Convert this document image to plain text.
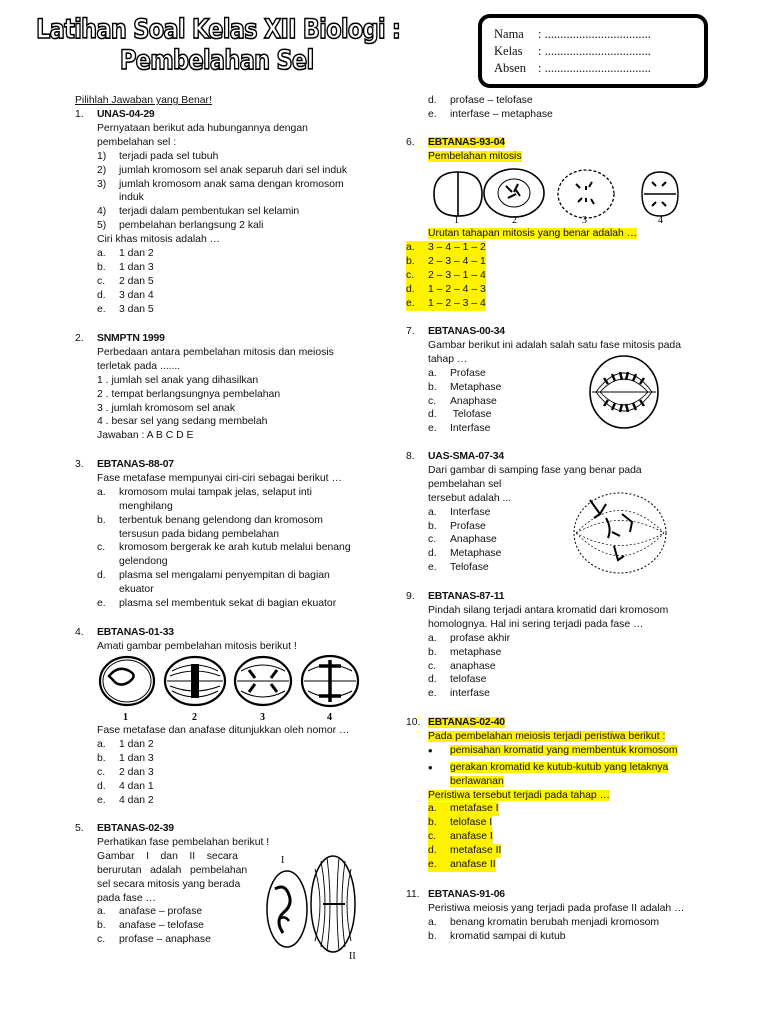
Latihan Soal Kelas XII Biologi :
Pembelahan Sel
Nama : ..................................
Kelas : ..................................
Absen : ..................................
Pilihlah Jawaban yang Benar!
1. UNAS-04-29
Pernyataan berikut ada hubungannya dengan
pembelahan sel :
1) terjadi pada sel tubuh
2) jumlah kromosom sel anak separuh dari sel induk
3) jumlah kromosom anak sama dengan kromosom
induk
4) terjadi dalam pembentukan sel kelamin
5) pembelahan berlangsung 2 kali
Ciri khas mitosis adalah …
a. 1 dan 2
b. 1 dan 3
c. 2 dan 5
d. 3 dan 4
e. 3 dan 5
2. SNMPTN 1999
Perbedaan antara pembelahan mitosis dan meiosis
terletak pada .......
1 . jumlah sel anak yang dihasilkan
2 . tempat berlangsungnya pembelahan
3 . jumlah kromosom sel anak
4 . besar sel yang sedang membelah
Jawaban : A B C D E
3. EBTANAS-88-07
Fase metafase mempunyai ciri-ciri sebagai berikut …
a. kromosom mulai tampak jelas, selaput inti
menghilang
b. terbentuk benang gelendong dan kromosom
tersusun pada bidang pembelahan
c. kromosom bergerak ke arah kutub melalui benang
gelendong
d. plasma sel mengalami penyempitan di bagian
ekuator
e. plasma sel membentuk sekat di bagian ekuator
4. EBTANAS-01-33
Amati gambar pembelahan mitosis berikut !
1	2	3	4
Fase metafase dan anafase ditunjukkan oleh nomor …
a. 1 dan 2
b. 1 dan 3
c. 2 dan 3
d. 4 dan 1
e. 4 dan 2
5. EBTANAS-02-39
Perhatikan fase pembelahan berikut !
Gambar    I    dan    II    secara
berurutan   adalah   pembelahan
sel secara mitosis yang berada
pada fase …
a. anafase – profase
b. anafase – telofase
c. profase – anaphase
I
II
d. profase – telofase
e. interfase – metaphase
6. EBTANAS-93-04
Pembelahan mitosis
1	2	3	4
Urutan tahapan mitosis yang benar adalah …
a. 3 – 4 – 1 – 2
b. 2 – 3 – 4 – 1
c. 2 – 3 – 1 – 4
d. 1 – 2 – 4 – 3
e. 1 – 2 – 3 – 4
7. EBTANAS-00-34
Gambar berikut ini adalah salah satu fase mitosis pada
tahap …
a. Profase
b. Metaphase
c. Anaphase
d. Telofase
e. Interfase
8. UAS-SMA-07-34
Dari gambar di samping fase yang benar pada
pembelahan sel
tersebut adalah ...
a. Interfase
b. Profase
c. Anaphase
d. Metaphase
e. Telofase
9. EBTANAS-87-11
Pindah silang terjadi antara kromatid dari kromosom
homolognya. Hal ini sering terjadi pada fase …
a. profase akhir
b. metaphase
c. anaphase
d. telofase
e. interfase
10. EBTANAS-02-40
Pada pembelahan meiosis terjadi peristiwa berikut :
• pemisahan kromatid yang membentuk kromosom
• gerakan kromatid ke kutub-kutub yang letaknya
berlawanan
Peristiwa tersebut terjadi pada tahap …
a. metafase I
b. telofase I
c. anafase I
d. metafase II
e. anafase II
11. EBTANAS-91-06
Peristiwa meiosis yang terjadi pada profase II adalah …
a. benang kromatin berubah menjadi kromosom
b. kromatid sampai di kutub
